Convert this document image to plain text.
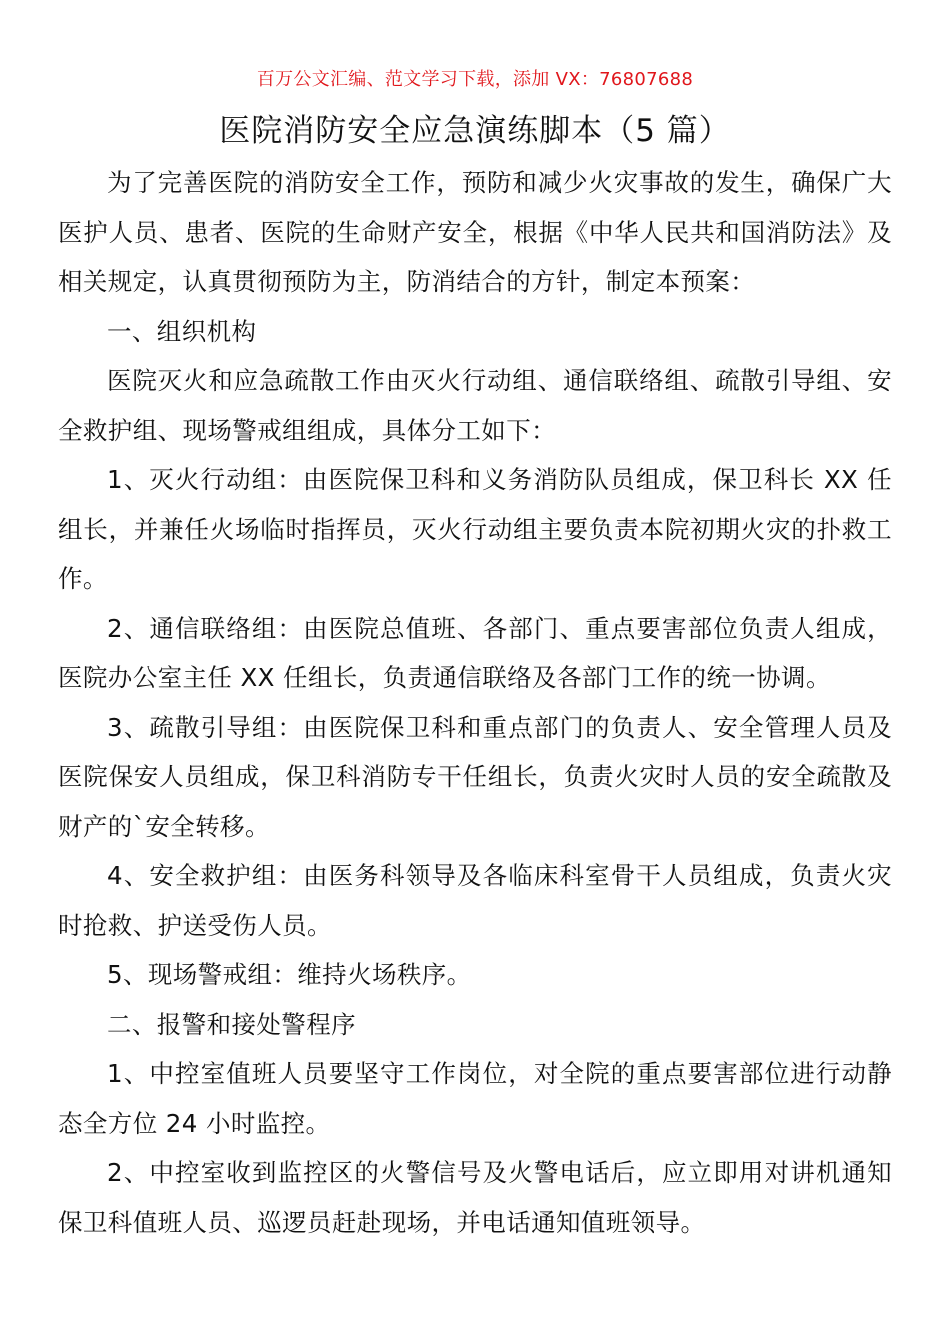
百万公文汇编、范文学习下载，添加 VX：76807688
医院消防安全应急演练脚本（5 篇）

为了完善医院的消防安全工作，预防和减少火灾事故的发生，确保广大医护人员、患者、医院的生命财产安全，根据《中华人民共和国消防法》及相关规定，认真贯彻预防为主，防消结合的方针，制定本预案：

一、组织机构

医院灭火和应急疏散工作由灭火行动组、通信联络组、疏散引导组、安全救护组、现场警戒组组成，具体分工如下：

1、灭火行动组：由医院保卫科和义务消防队员组成，保卫科长 XX 任组长，并兼任火场临时指挥员，灭火行动组主要负责本院初期火灾的扑救工作。

2、通信联络组：由医院总值班、各部门、重点要害部位负责人组成，医院办公室主任 XX 任组长，负责通信联络及各部门工作的统一协调。

3、疏散引导组：由医院保卫科和重点部门的负责人、安全管理人员及医院保安人员组成，保卫科消防专干任组长，负责火灾时人员的安全疏散及财产的`安全转移。

4、安全救护组：由医务科领导及各临床科室骨干人员组成，负责火灾时抢救、护送受伤人员。

5、现场警戒组：维持火场秩序。

二、报警和接处警程序

1、中控室值班人员要坚守工作岗位，对全院的重点要害部位进行动静态全方位 24 小时监控。

2、中控室收到监控区的火警信号及火警电话后，应立即用对讲机通知保卫科值班人员、巡逻员赶赴现场，并电话通知值班领导。
